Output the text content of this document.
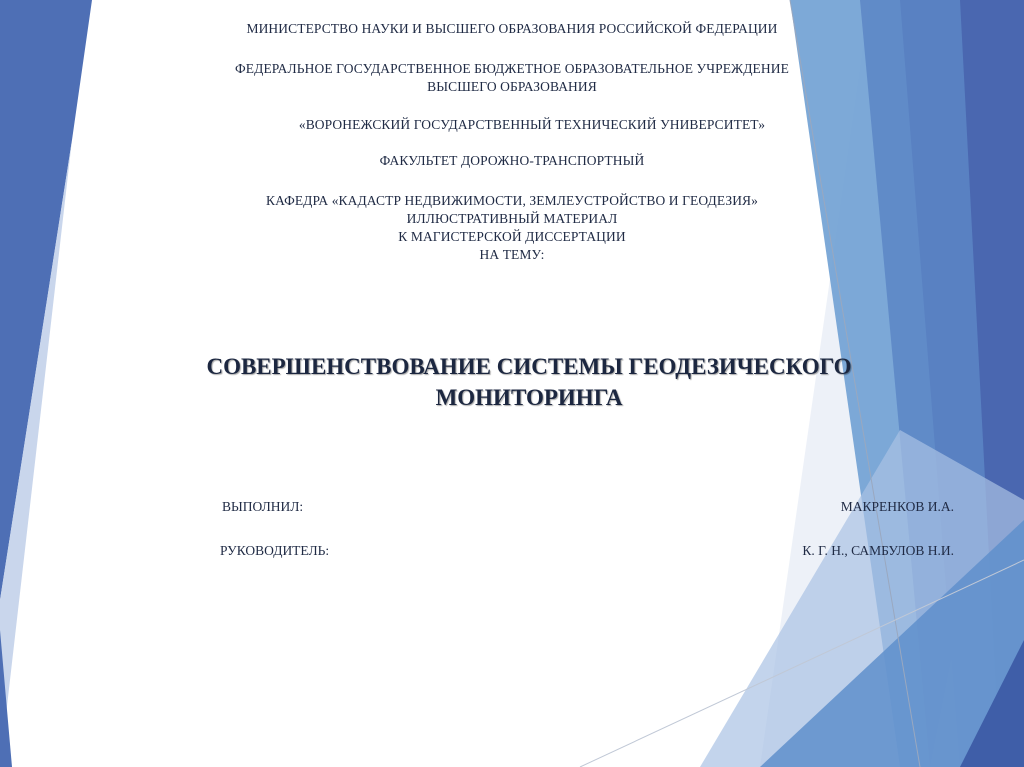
МИНИСТЕРСТВО НАУКИ И ВЫСШЕГО ОБРАЗОВАНИЯ РОССИЙСКОЙ ФЕДЕРАЦИИ
ФЕДЕРАЛЬНОЕ ГОСУДАРСТВЕННОЕ БЮДЖЕТНОЕ ОБРАЗОВАТЕЛЬНОЕ УЧРЕЖДЕНИЕ
ВЫСШЕГО ОБРАЗОВАНИЯ
«ВОРОНЕЖСКИЙ ГОСУДАРСТВЕННЫЙ ТЕХНИЧЕСКИЙ УНИВЕРСИТЕТ»
ФАКУЛЬТЕТ ДОРОЖНО-ТРАНСПОРТНЫЙ
КАФЕДРА «КАДАСТР НЕДВИЖИМОСТИ, ЗЕМЛЕУСТРОЙСТВО И ГЕОДЕЗИЯ»
ИЛЛЮСТРАТИВНЫЙ МАТЕРИАЛ
К МАГИСТЕРСКОЙ ДИССЕРТАЦИИ
НА ТЕМУ:
СОВЕРШЕНСТВОВАНИЕ СИСТЕМЫ ГЕОДЕЗИЧЕСКОГО
МОНИТОРИНГА
ВЫПОЛНИЛ:	МАКРЕНКОВ И.А.
РУКОВОДИТЕЛЬ:	К. Г. Н., САМБУЛОВ Н.И.
